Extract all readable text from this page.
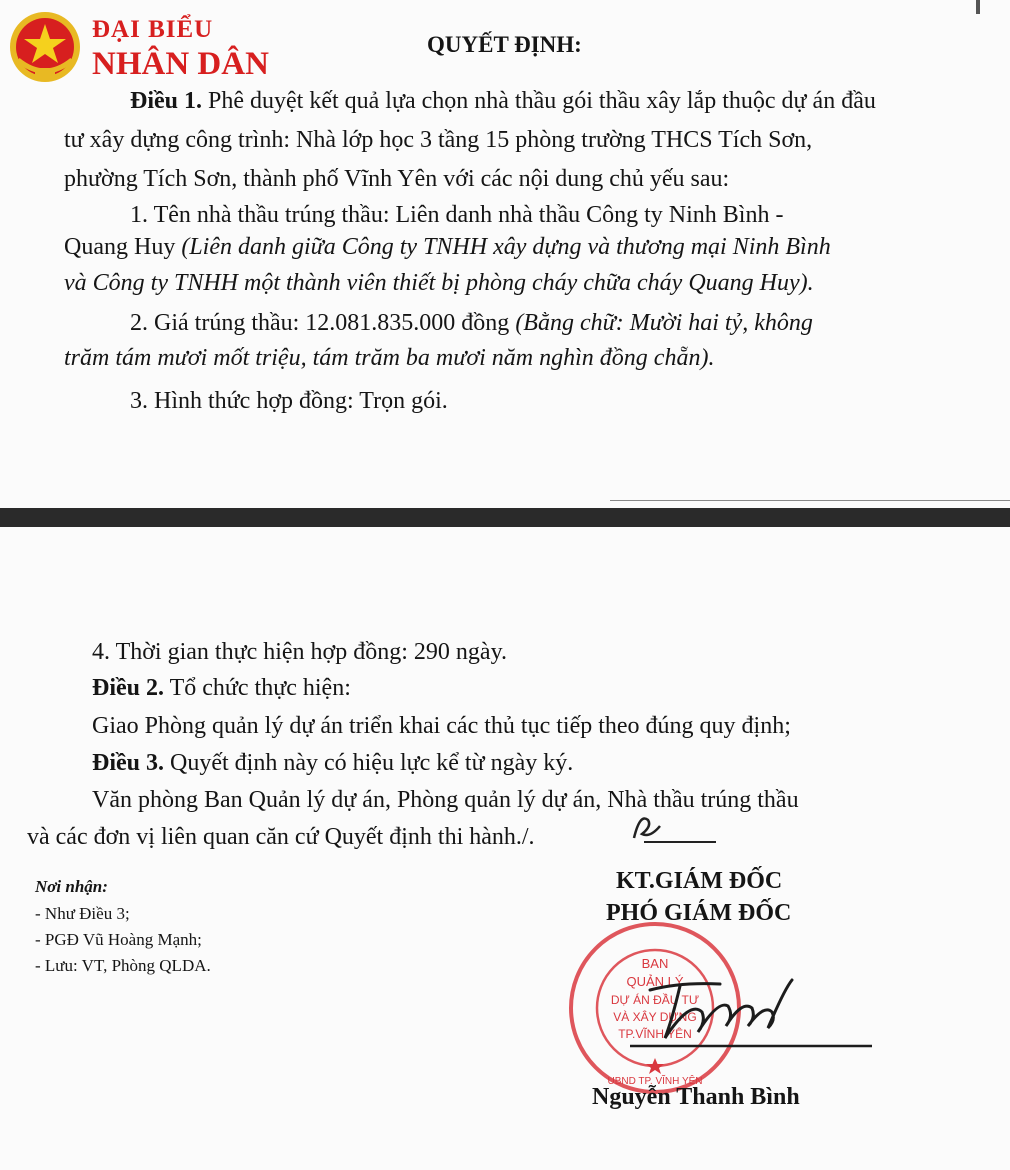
ĐẠI BIỂU
NHÂN DÂN
QUYẾT ĐỊNH:
Điều 1. Phê duyệt kết quả lựa chọn nhà thầu gói thầu xây lắp thuộc dự án đầu
tư xây dựng công trình: Nhà lớp học 3 tầng 15 phòng trường THCS Tích Sơn,
phường Tích Sơn, thành phố Vĩnh Yên với các nội dung chủ yếu sau:
1. Tên nhà thầu trúng thầu: Liên danh nhà thầu Công ty Ninh Bình -
Quang Huy (Liên danh giữa Công ty TNHH xây dựng và thương mại Ninh Bình
và Công ty TNHH một thành viên thiết bị phòng cháy chữa cháy Quang Huy).
2. Giá trúng thầu: 12.081.835.000 đồng (Bằng chữ: Mười hai tỷ, không
trăm tám mươi mốt triệu, tám trăm ba mươi năm nghìn đồng chẵn).
3. Hình thức hợp đồng: Trọn gói.
4. Thời gian thực hiện hợp đồng: 290 ngày.
Điều 2. Tổ chức thực hiện:
Giao Phòng quản lý dự án triển khai các thủ tục tiếp theo đúng quy định;
Điều 3. Quyết định này có hiệu lực kể từ ngày ký.
Văn phòng Ban Quản lý dự án, Phòng quản lý dự án, Nhà thầu trúng thầu
và các đơn vị liên quan căn cứ Quyết định thi hành./.
Nơi nhận:
- Như Điều 3;
- PGĐ Vũ Hoàng Mạnh;
- Lưu: VT, Phòng QLDA.
KT.GIÁM ĐỐC
PHÓ GIÁM ĐỐC
BAN
QUẢN LÝ
DỰ ÁN ĐẦU TƯ
VÀ XÂY DỰNG
TP.VĨNH YÊN
UBND TP. VĨNH YÊN
Nguyễn Thanh Bình
